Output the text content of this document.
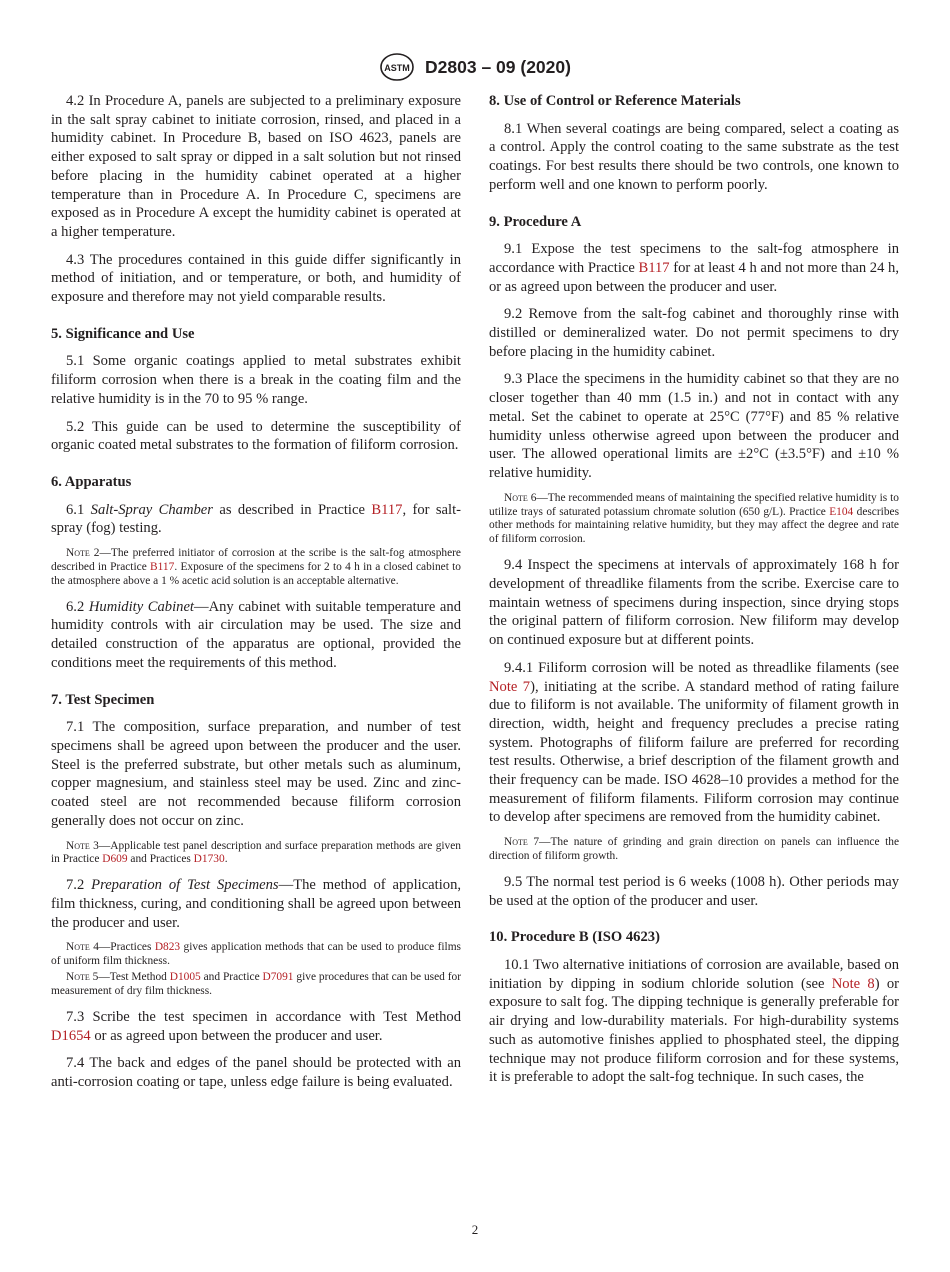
ASTM D2803 – 09 (2020)

4.2 In Procedure A, panels are subjected to a preliminary exposure in the salt spray cabinet to initiate corrosion, rinsed, and placed in a humidity cabinet. In Procedure B, based on ISO 4623, panels are either exposed to salt spray or dipped in a salt solution but not rinsed before placing in the humidity cabinet operated at a higher temperature than in Procedure A. In Procedure C, specimens are exposed as in Procedure A except the humidity cabinet is operated at a higher temperature.

4.3 The procedures contained in this guide differ significantly in method of initiation, and or temperature, or both, and humidity of exposure and therefore may not yield comparable results.

5. Significance and Use

5.1 Some organic coatings applied to metal substrates exhibit filiform corrosion when there is a break in the coating film and the relative humidity is in the 70 to 95 % range.

5.2 This guide can be used to determine the susceptibility of organic coated metal substrates to the formation of filiform corrosion.

6. Apparatus

6.1 Salt-Spray Chamber as described in Practice B117, for salt-spray (fog) testing.

Note 2—The preferred initiator of corrosion at the scribe is the salt-fog atmosphere described in Practice B117. Exposure of the specimens for 2 to 4 h in a closed cabinet to the atmosphere above a 1 % acetic acid solution is an acceptable alternative.

6.2 Humidity Cabinet—Any cabinet with suitable temperature and humidity controls with air circulation may be used. The size and detailed construction of the apparatus are optional, provided the conditions meet the requirements of this method.

7. Test Specimen

7.1 The composition, surface preparation, and number of test specimens shall be agreed upon between the producer and the user. Steel is the preferred substrate, but other metals such as aluminum, copper magnesium, and stainless steel may be used. Zinc and zinc-coated steel are not recommended because filiform corrosion generally does not occur on zinc.

Note 3—Applicable test panel description and surface preparation methods are given in Practice D609 and Practices D1730.

7.2 Preparation of Test Specimens—The method of application, film thickness, curing, and conditioning shall be agreed upon between the producer and user.

Note 4—Practices D823 gives application methods that can be used to produce films of uniform film thickness.

Note 5—Test Method D1005 and Practice D7091 give procedures that can be used for measurement of dry film thickness.

7.3 Scribe the test specimen in accordance with Test Method D1654 or as agreed upon between the producer and user.

7.4 The back and edges of the panel should be protected with an anti-corrosion coating or tape, unless edge failure is being evaluated.

8. Use of Control or Reference Materials

8.1 When several coatings are being compared, select a coating as a control. Apply the control coating to the same substrate as the test coatings. For best results there should be two controls, one known to perform well and one known to perform poorly.

9. Procedure A

9.1 Expose the test specimens to the salt-fog atmosphere in accordance with Practice B117 for at least 4 h and not more than 24 h, or as agreed upon between the producer and user.

9.2 Remove from the salt-fog cabinet and thoroughly rinse with distilled or demineralized water. Do not permit specimens to dry before placing in the humidity cabinet.

9.3 Place the specimens in the humidity cabinet so that they are no closer together than 40 mm (1.5 in.) and not in contact with any metal. Set the cabinet to operate at 25°C (77°F) and 85 % relative humidity unless otherwise agreed upon between the producer and user. The allowed operational limits are ±2°C (±3.5°F) and ±10 % relative humidity.

Note 6—The recommended means of maintaining the specified relative humidity is to utilize trays of saturated potassium chromate solution (650 g/L). Practice E104 describes other methods for maintaining relative humidity, but they may affect the degree and rate of filiform corrosion.

9.4 Inspect the specimens at intervals of approximately 168 h for development of threadlike filaments from the scribe. Exercise care to maintain wetness of specimens during inspection, since drying stops the original pattern of filiform corrosion. New filiform may develop on continued exposure but at different points.

9.4.1 Filiform corrosion will be noted as threadlike filaments (see Note 7), initiating at the scribe. A standard method of rating failure due to filiform is not available. The uniformity of filament growth in direction, width, height and frequency precludes a precise rating system. Photographs of filiform failure are preferred for recording test results. Otherwise, a brief description of the filament growth and their frequency can be made. ISO 4628–10 provides a method for the measurement of filiform filaments. Filiform corrosion may continue to develop after specimens are removed from the humidity cabinet.

Note 7—The nature of grinding and grain direction on panels can influence the direction of filiform growth.

9.5 The normal test period is 6 weeks (1008 h). Other periods may be used at the option of the producer and user.

10. Procedure B (ISO 4623)

10.1 Two alternative initiations of corrosion are available, based on initiation by dipping in sodium chloride solution (see Note 8) or exposure to salt fog. The dipping technique is generally preferable for air drying and low-durability materials. For high-durability systems such as automotive finishes applied to phosphated steel, the dipping technique may not produce filiform corrosion and for these systems, it is preferable to adopt the salt-fog technique. In such cases, the

2
